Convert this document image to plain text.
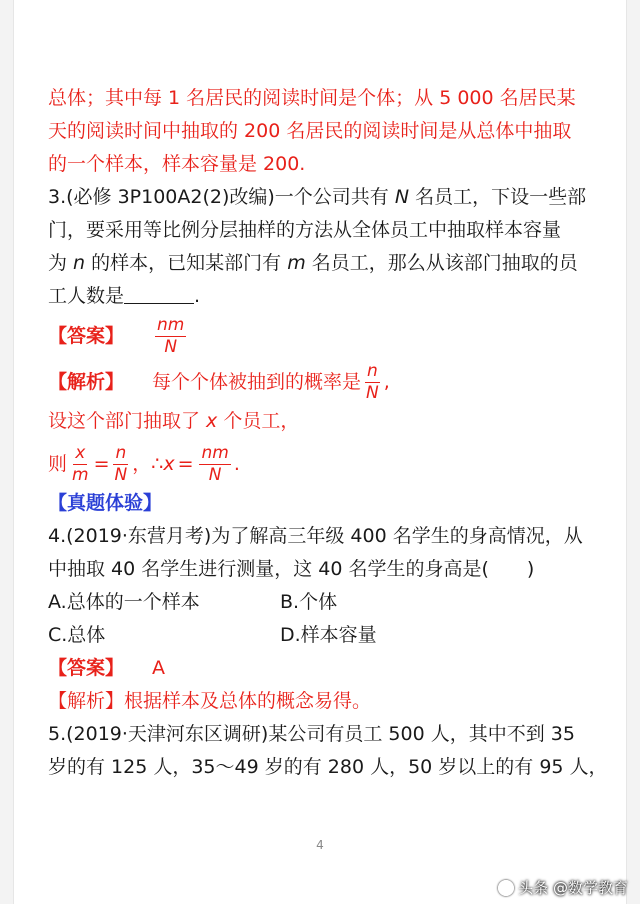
总体；其中每 1 名居民的阅读时间是个体；从 5 000 名居民某
天的阅读时间中抽取的 200 名居民的阅读时间是从总体中抽取
的一个样本，样本容量是 200.
3.(必修 3P100A2(2)改编)一个公司共有 N 名员工，下设一些部
门，要采用等比例分层抽样的方法从全体员工中抽取样本容量
为 n 的样本，已知某部门有 m 名员工，那么从该部门抽取的员
工人数是	.
【答案】	$\frac{nm}{N}$
【解析】	每个个体被抽到的概率是 $\frac{n}{N}$ ,
设这个部门抽取了 x 个员工，
则 $\frac{x}{m} = \frac{n}{N}$ ，∴ $x = \frac{nm}{N}$ .
【真题体验】
4.(2019·东营月考)为了解高三年级 400 名学生的身高情况，从
中抽取 40 名学生进行测量，这 40 名学生的身高是(　　)
A.总体的一个样本	B.个体
C.总体	D.样本容量
【答案】 A
【解析】根据样本及总体的概念易得。
5.(2019·天津河东区调研)某公司有员工 500 人，其中不到 35
岁的有 125 人，35～49 岁的有 280 人，50 岁以上的有 95 人，
4
头条 @数学教育
